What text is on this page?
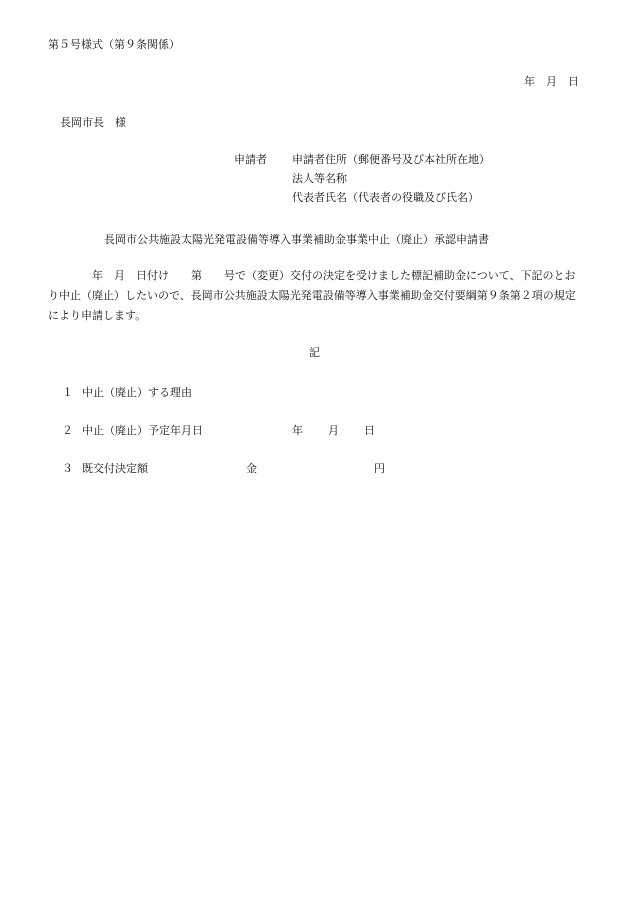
第５号様式（第９条関係）
年　月　日
長岡市長　様
申請者 申請者住所（郵便番号及び本社所在地）
法人等名称
代表者氏名（代表者の役職及び氏名）
長岡市公共施設太陽光発電設備等導入事業補助金事業中止（廃止）承認申請書
年　月　日付け　　第　　号で（変更）交付の決定を受けました標記補助金について、下記のとおり中止（廃止）したいので、長岡市公共施設太陽光発電設備等導入事業補助金交付要綱第９条第２項の規定により申請します。
記
１ 中止（廃止）する理由
２ 中止（廃止）予定年月日	年 月 日
３ 既交付決定額	金	円
